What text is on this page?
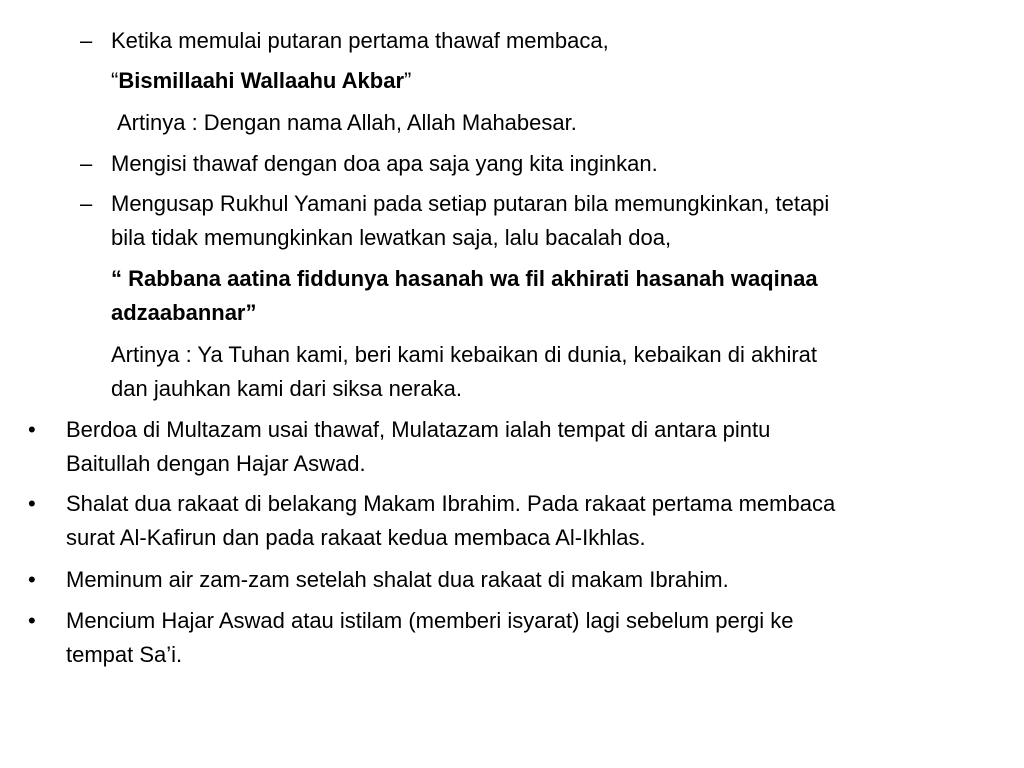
– Ketika memulai putaran pertama thawaf membaca,
“Bismillaahi Wallaahu Akbar”
Artinya : Dengan nama Allah, Allah Mahabesar.
– Mengisi thawaf dengan doa apa saja yang kita inginkan.
– Mengusap Rukhul Yamani pada setiap putaran bila memungkinkan, tetapi
bila tidak memungkinkan lewatkan saja, lalu bacalah doa,
“ Rabbana aatina fiddunya hasanah wa fil akhirati hasanah waqinaa
adzaabannar”
Artinya : Ya Tuhan kami, beri kami kebaikan di dunia, kebaikan di akhirat
dan jauhkan kami dari siksa neraka.
• Berdoa di Multazam usai thawaf, Mulatazam ialah tempat di antara pintu
Baitullah dengan Hajar Aswad.
• Shalat dua rakaat di belakang Makam Ibrahim. Pada rakaat pertama membaca
surat Al-Kafirun dan pada rakaat kedua membaca Al-Ikhlas.
• Meminum air zam-zam setelah shalat dua rakaat di makam Ibrahim.
• Mencium Hajar Aswad atau istilam (memberi isyarat) lagi sebelum pergi ke
tempat Sa’i.
